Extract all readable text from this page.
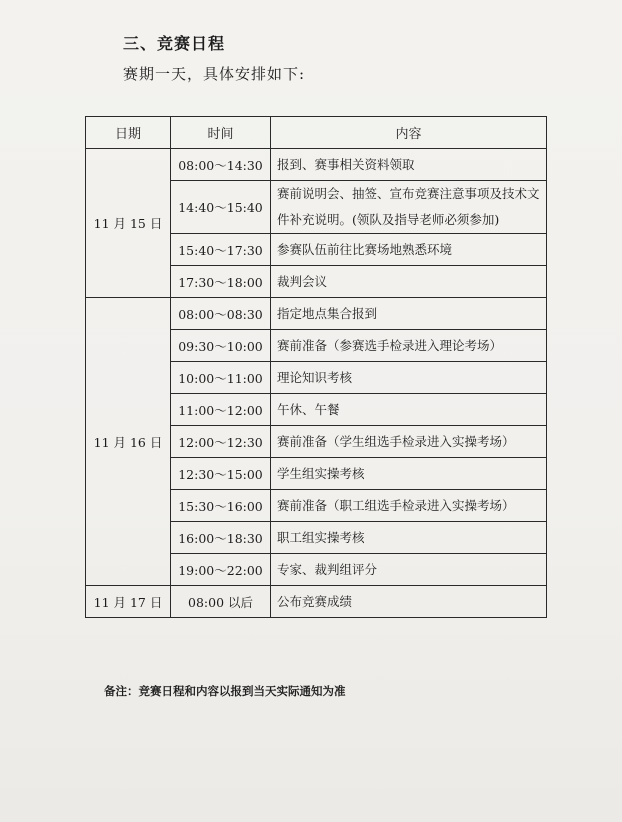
三、竞赛日程
赛期一天，具体安排如下:
日期	时间	内容
11 月 15 日	08:00～14:30	报到、赛事相关资料领取
	14:40～15:40	赛前说明会、抽签、宣布竞赛注意事项及技术文件补充说明。(领队及指导老师必须参加)
	15:40～17:30	参赛队伍前往比赛场地熟悉环境
	17:30～18:00	裁判会议
11 月 16 日	08:00～08:30	指定地点集合报到
	09:30～10:00	赛前准备（参赛选手检录进入理论考场）
	10:00～11:00	理论知识考核
	11:00～12:00	午休、午餐
	12:00～12:30	赛前准备（学生组选手检录进入实操考场）
	12:30～15:00	学生组实操考核
	15:30～16:00	赛前准备（职工组选手检录进入实操考场）
	16:00～18:30	职工组实操考核
	19:00～22:00	专家、裁判组评分
11 月 17 日	08:00 以后	公布竞赛成绩
备注：竞赛日程和内容以报到当天实际通知为准
